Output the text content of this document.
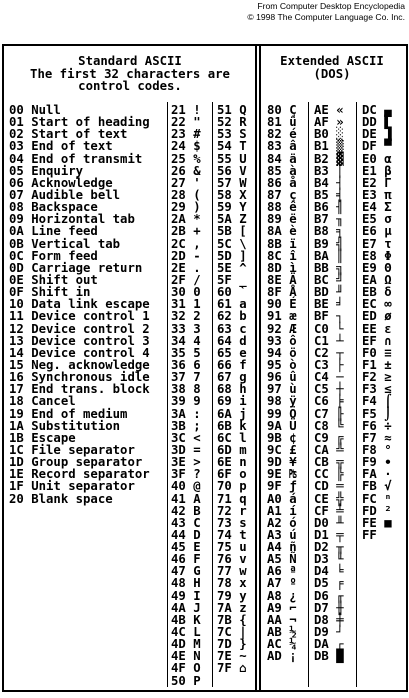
From Computer Desktop Encyclopedia
© 1998 The Computer Language Co. Inc.
Standard ASCII
The first 32 characters are
control codes.
Extended ASCII
(DOS)
00 Null
01 Start of heading
02 Start of text
03 End of text
04 End of transmit
05 Enquiry
06 Acknowledge
07 Audible bell
08 Backspace
09 Horizontal tab
0A Line feed
0B Vertical tab
0C Form feed
0D Carriage return
0E Shift out
0F Shift in
10 Data link escape
11 Device control 1
12 Device control 2
13 Device control 3
14 Device control 4
15 Neg. acknowledge
16 Synchronous idle
17 End trans. block
18 Cancel
19 End of medium
1A Substitution
1B Escape
1C File separator
1D Group separator
1E Record separator
1F Unit separator
20 Blank space
21 !
22 "
23 #
24 $
25 %
26 &
27 '
28 (
29 )
2A *
2B +
2C ,
2D -
2E .
2F /
30 0
31 1
32 2
33 3
34 4
35 5
36 6
37 7
38 8
39 9
3A :
3B ;
3C <
3D =
3E >
3F ?
40 @
41 A
42 B
43 C
44 D
45 E
46 F
47 G
48 H
49 I
4A J
4B K
4C L
4D M
4E N
4F O
50 P
51 Q
52 R
53 S
54 T
55 U
56 V
57 W
58 X
59 Y
5A Z
5B [
5C \
5D ]
5E ^
5F _
60 `
61 a
62 b
63 c
64 d
65 e
66 f
67 g
68 h
69 i
6A j
6B k
6C l
6D m
6E n
6F o
70 p
71 q
72 r
73 s
74 t
75 u
76 v
77 w
78 x
79 y
7A z
7B {
7C |
7D }
7E ~
7F ⌂
80 Ç
81 ü
82 é
83 â
84 ä
85 à
86 å
87 ç
88 ê
89 ë
8A è
8B ï
8C î
8D ì
8E Ä
8F Å
90 É
91 æ
92 Æ
93 ô
94 ö
95 ò
96 û
97 ù
98 ÿ
99 Ö
9A Ü
9B ¢
9C £
9D ¥
9E ₧
9F ƒ
A0 á
A1 í
A2 ó
A3 ú
A4 ñ
A5 Ñ
A6 ª
A7 º
A8 ¿
A9 ⌐
AA ¬
AB ½
AC ¼
AD ¡
AE «
AF »
B0 ░
B1 ▒
B2 ▓
B3 │
B4 ┤
B5 ╡
B6 ╢
B7 ╖
B8 ╕
B9 ╣
BA ║
BB ╗
BC ╝
BD ╜
BE ╛
BF ┐
C0 └
C1 ┴
C2 ┬
C3 ├
C4 ─
C5 ┼
C6 ╞
C7 ╟
C8 ╚
C9 ╔
CA ╩
CB ╦
CC ╠
CD ═
CE ╬
CF ╧
D0 ╨
D1 ╤
D2 ╥
D3 ╙
D4 ╘
D5 ╒
D6 ╓
D7 ╫
D8 ╪
D9 ┘
DA ┌
DB █
DC ▄
DD ▌
DE ▐
DF ▀
E0 α
E1 β
E2 Γ
E3 π
E4 Σ
E5 σ
E6 µ
E7 τ
E8 Φ
E9 Θ
EA Ω
EB δ
EC ∞
ED ø
EE ε
EF ∩
F0 ≡
F1 ±
F2 ≥
F3 ≤
F4 ⌠
F5 ⌡
F6 ÷
F7 ≈
F8 °
F9 ∙
FA ·
FB √
FC ⁿ
FD ²
FE ■
FF
